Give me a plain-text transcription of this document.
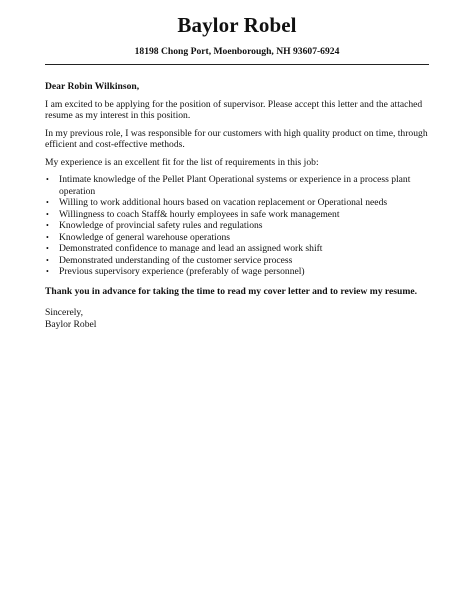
Baylor Robel
18198 Chong Port, Moenborough, NH 93607-6924

Dear Robin Wilkinson,

I am excited to be applying for the position of supervisor. Please accept this letter and the attached resume as my interest in this position.

In my previous role, I was responsible for our customers with high quality product on time, through efficient and cost-effective methods.

My experience is an excellent fit for the list of requirements in this job:

• Intimate knowledge of the Pellet Plant Operational systems or experience in a process plant operation
• Willing to work additional hours based on vacation replacement or Operational needs
• Willingness to coach Staff& hourly employees in safe work management
• Knowledge of provincial safety rules and regulations
• Knowledge of general warehouse operations
• Demonstrated confidence to manage and lead an assigned work shift
• Demonstrated understanding of the customer service process
• Previous supervisory experience (preferably of wage personnel)

Thank you in advance for taking the time to read my cover letter and to review my resume.

Sincerely,

Baylor Robel
